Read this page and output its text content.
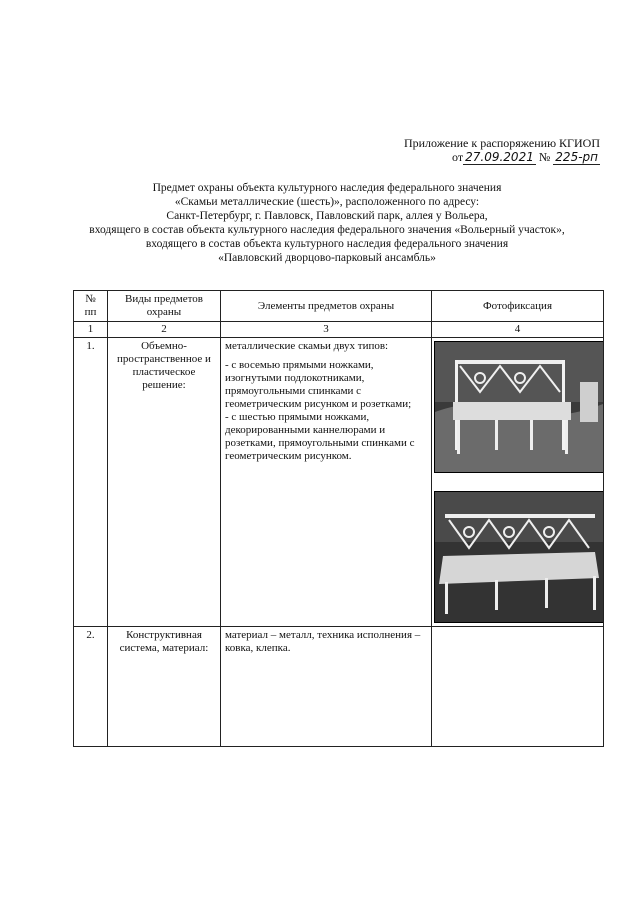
Приложение к распоряжению КГИОП
от 27.09.2021 № 225-рп
Предмет охраны объекта культурного наследия федерального значения
«Скамьи металлические (шесть)», расположенного по адресу:
Санкт-Петербург, г. Павловск, Павловский парк, аллея у Вольера,
входящего в состав объекта культурного наследия федерального значения «Вольерный участок»,
входящего в состав объекта культурного наследия федерального значения
«Павловский дворцово-парковый ансамбль»
№ пп	Виды предметов охраны	Элементы предметов охраны	Фотофиксация
1	2	3	4
1.	Объемно-пространственное и пластическое решение:	металлические скамьи двух типов:

- с восемью прямыми ножками, изогнутыми подлокотниками, прямоугольными спинками с геометрическим рисунком и розетками;

- с шестью прямыми ножками, декорированными каннелюрами и розетками, прямоугольными спинками с геометрическим рисунком.

2.	Конструктивная система, материал:	материал – металл, техника исполнения – ковка, клепка.	
